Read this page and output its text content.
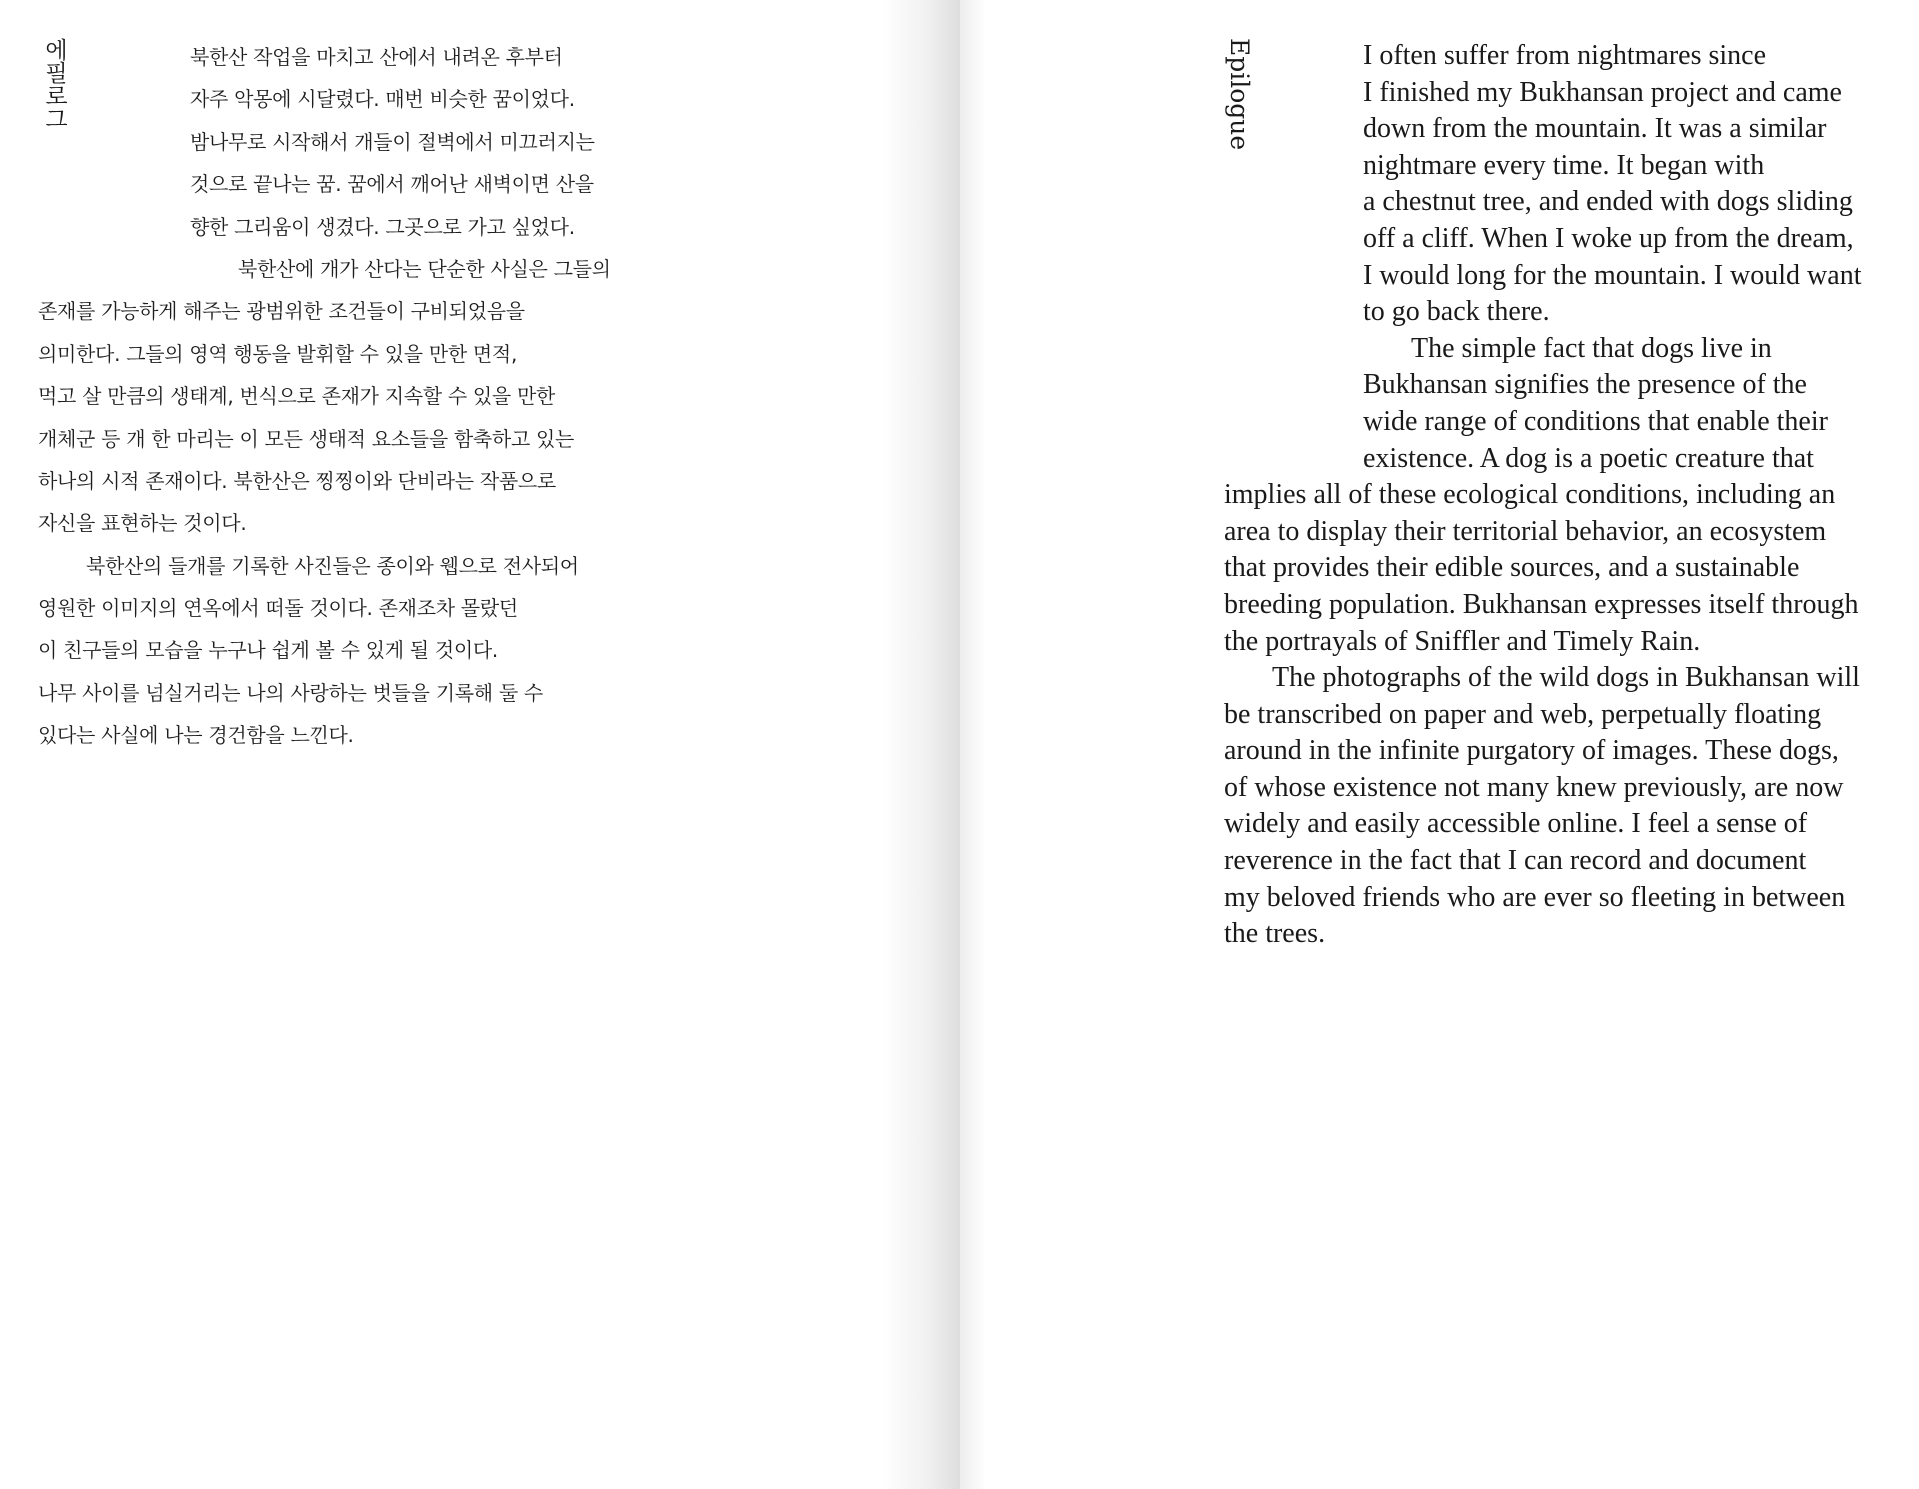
에필로그	북한산 작업을 마치고 산에서 내려온 후부터
자주 악몽에 시달렸다. 매번 비슷한 꿈이었다.
밤나무로 시작해서 개들이 절벽에서 미끄러지는
것으로 끝나는 꿈. 꿈에서 깨어난 새벽이면 산을
향한 그리움이 생겼다. 그곳으로 가고 싶었다.
북한산에 개가 산다는 단순한 사실은 그들의
존재를 가능하게 해주는 광범위한 조건들이 구비되었음을
의미한다. 그들의 영역 행동을 발휘할 수 있을 만한 면적,
먹고 살 만큼의 생태계, 번식으로 존재가 지속할 수 있을 만한
개체군 등 개 한 마리는 이 모든 생태적 요소들을 함축하고 있는
하나의 시적 존재이다. 북한산은 찡찡이와 단비라는 작품으로
자신을 표현하는 것이다.
북한산의 들개를 기록한 사진들은 종이와 웹으로 전사되어
영원한 이미지의 연옥에서 떠돌 것이다. 존재조차 몰랐던
이 친구들의 모습을 누구나 쉽게 볼 수 있게 될 것이다.
나무 사이를 넘실거리는 나의 사랑하는 벗들을 기록해 둘 수
있다는 사실에 나는 경건함을 느낀다.
Epilogue	I often suffer from nightmares since
I finished my Bukhansan project and came
down from the mountain. It was a similar
nightmare every time. It began with
a chestnut tree, and ended with dogs sliding
off a cliff. When I woke up from the dream,
I would long for the mountain. I would want
to go back there.
The simple fact that dogs live in
Bukhansan signifies the presence of the
wide range of conditions that enable their
existence. A dog is a poetic creature that
implies all of these ecological conditions, including an
area to display their territorial behavior, an ecosystem
that provides their edible sources, and a sustainable
breeding population. Bukhansan expresses itself through
the portrayals of Sniffler and Timely Rain.
The photographs of the wild dogs in Bukhansan will
be transcribed on paper and web, perpetually floating
around in the infinite purgatory of images. These dogs,
of whose existence not many knew previously, are now
widely and easily accessible online. I feel a sense of
reverence in the fact that I can record and document
my beloved friends who are ever so fleeting in between
the trees.
